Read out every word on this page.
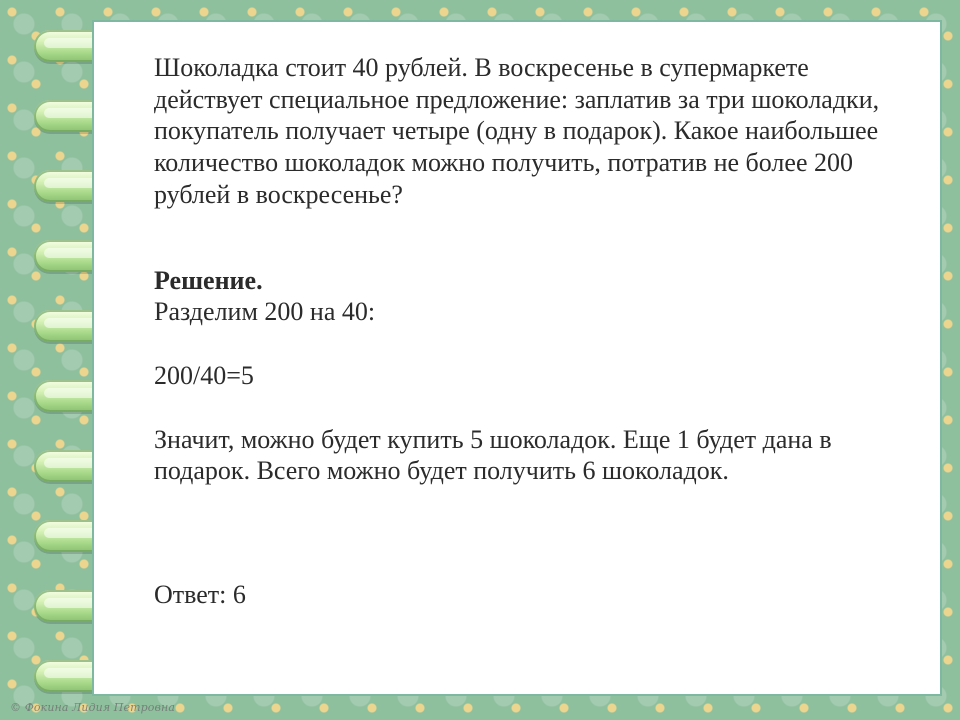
Шоколадка стоит 40 рублей. В воскресенье в супермаркете действует специальное предложение: заплатив за три шоколадки, покупатель получает четыре (одну в подарок). Какое наибольшее количество шоколадок можно получить, потратив не более 200 рублей в воскресенье?

Решение.

Разделим 200 на 40:

200/40=5

Значит, можно будет купить 5 шоколадок. Еще 1 будет дана в подарок. Всего можно будет получить 6 шоколадок.

Ответ: 6

© Фокина Лидия Петровна
